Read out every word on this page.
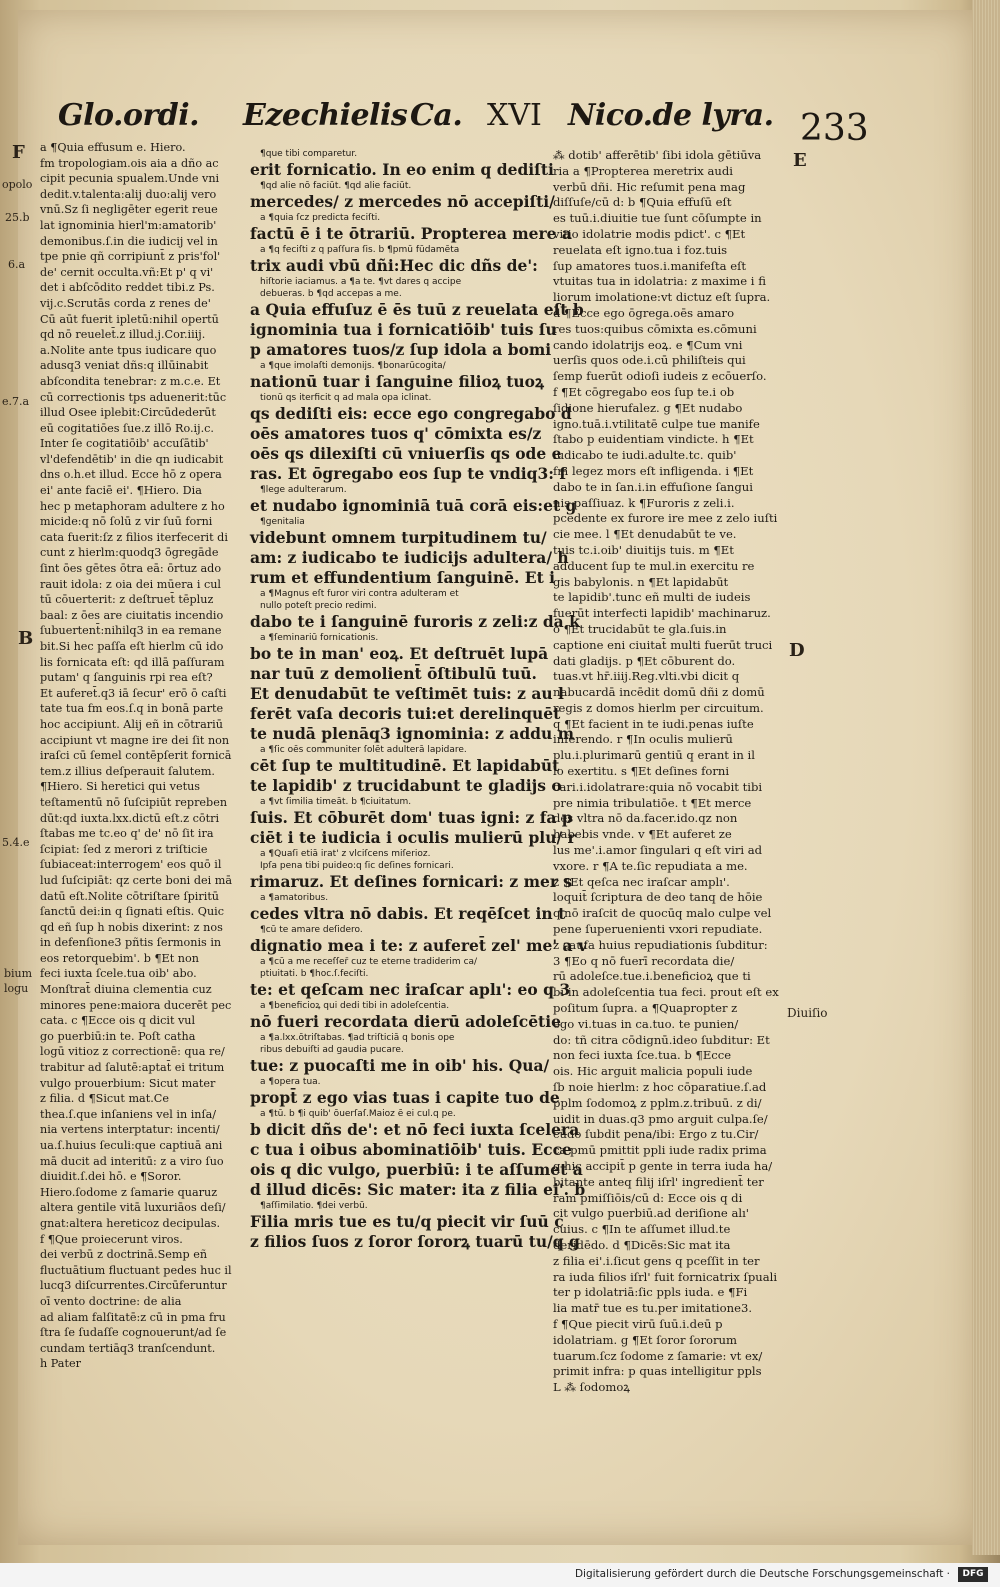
Glo.ordi. Ezechielis Ca. XVI Nico.de lyra. 233
F
opolo
25.b
6.a
e.7.a
B
5.4.e
bium
logu
E
D
Diuiſio

a ¶Quia effusum e. Hiero.

fm tropologiam.ois aia a dño ac

cipit pecunia spualem.Unde vni

dedit.v.talenta:alij duo:alij vero

vnū.Sz ſi negligēter egerit reue

lat ignominia hierl'm:amatorib'

demonibus.ſ.in die iudicij vel in

tpe pnie qñ corripiunt̄ z pris'fol'

de' cernit occulta.vñ:Et p' q vi'

det i abſcōdito reddet tibi.z Ps.

vij.c.Scrutās corda z renes de'

Cū aūt fuerit ipletū:nihil opertū

qd nō reuelet̄.z illud.j.Cor.iiij.

a.Nolite ante tpus iudicare quo

adusq3 veniat dñs:q illūinabit

abſcondita tenebrar: z m.c.e. Et

cū correctionis tps aduenerit:tūc

illud Osee iplebit:Circūdederūt

eū cogitatiōes ſue.z illō Ro.ij.c.

Inter ſe cogitatiōib' accuſātib'

vl'defendētib' in die qn iudicabit

dns o.h.et illud. Ecce hō z opera

ei' ante faciē ei'. ¶Hiero. Dia

hec p metaphoram adultere z ho

micide:q nō ſolū z vir ſuū forni

cata fuerit:ſz z filios iterfecerit di

cunt z hierlm:quodq3 ōgregāde

ſint ōes gētes ōtra eā: ōrtuz ado

rauit idola: z oia dei mūera i cul

tū cōuerterit: z deſtruet̄ tēpluz

baal: z ōes are ciuitatis incendio

ſubuertent̄:nihilq3 in ea remane

bit.Si hec paſſa eſt hierlm cū ido

lis fornicata eſt: qd illā paſſuram

putam' q ſanguinis rpi rea eſt?

Et auferet̄.q3 iā ſecur' erō ō caſti

tate tua fm eos.ſ.q in bonā parte

hoc accipiunt. Alij eñ in cōtrariū

accipiunt vt magne ire dei ſit non

iraſci cū ſemel contēpſerit fornicā

tem.z illius deſperauit ſalutem.

¶Hiero. Si heretici qui vetus

teſtamentū nō ſuſcipiūt repreben

dūt:qd iuxta.lxx.dictū eſt.z cōtri

ſtabas me tc.eo q' de' nō ſit ira

ſcipiat: ſed z merori z triſticie

ſubiaceat:interrogem' eos quō il

lud ſuſcipiāt: qz certe boni dei mā

datū eſt.Nolite cōtriſtare ſpiritū

ſanctū dei:in q ſignati eſtis. Quic

qd eñ ſup h nobis dixerint: z nos

in defenſione3 pñtis ſermonis in

eos retorquebim'. b ¶Et non

feci iuxta ſcele.tua oib' abo.

Monſtrat̄ diuina clementia cuz

minores pene:maiora ducerēt pec

cata. c ¶Ecce ois q dicit vul

go puerbiū:in te. Poſt catha

logū vitioz z correctionē: qua re/

trabitur ad ſalutē:aptat̄ ei tritum

vulgo prouerbium: Sicut mater

z filia. d ¶Sicut mat.Ce

thea.ſ.que inſaniens vel in inſa/

nia vertens interptatur: incenti/

ua.ſ.huius ſeculi:que captiuā ani

mā ducit ad interitū: z a viro ſuo

diuidit.ſ.dei hō. e ¶Soror.

Hiero.ſodome z ſamarie quaruz

altera gentile vitā luxuriāos deſi/

gnat:altera hereticoz decipulas.

f ¶Que proiecerunt viros.

dei verbū z doctrinā.Semp eñ

fluctuātium fluctuant pedes huc il

lucq3 diſcurrentes.Circūferuntur

oī vento doctrine: de alia

ad aliam falſitatē:z cū in pma fru

ſtra ſe ſudaſſe cognouerunt/ad ſe

cundam tertiāq3 tranſcendunt.

h Pater

¶que tibi comparetur.

erit fornicatio. In eo enim q dediſti

¶qd alie nō faciūt. ¶qd alie faciūt.

mercedes/ z mercedes nō accepiſti/

a ¶quia ſcz predicta feciſti.

factū ē i te ōtrariū. Propterea mere a

a ¶q feciſti z q paſſura ſis. b ¶pmū fūdamēta

trix audi vbū dñi:Hec dic dñs de':

hiſtorie iaciamus. a ¶a te. ¶vt dares q accipe

debueras. b ¶qd accepas a me.

a Quia effuſuz ē ēs tuū z reuelata eſt b

ignominia tua i fornicatiōib' tuis ſu

p amatores tuos/z ſup idola a bomi

a ¶que imolaſti demonijs. ¶bonarūcogita/

nationū tuar i ſanguine filioꝝ tuoꝝ

tionū qs iterficit q ad mala opa iclinat.

qs dediſti eis: ecce ego congregabo d

oēs amatores tuos q' cōmixta es/z

oēs qs dilexiſti cū vniuerſis qs ode e

ras. Et ōgregabo eos ſup te vndiq3: f

¶lege adulterarum.

et nudabo ignominiā tuā corā eis:et g

¶genitalia

videbunt omnem turpitudinem tu/

am: z iudicabo te iudicijs adultera/ h

rum et effundentium ſanguinē. Et i

a ¶Magnus eſt furor viri contra adulteram et

nullo poteſt precio redimi.

dabo te i ſanguinē furoris z zeli:z da k

a ¶ſeminariū fornicationis.

bo te in man' eoꝝ. Et deſtruēt lupā

nar tuū z demolient̄ ōſtibulū tuū.

Et denudabūt te veſtimēt tuis: z au l

ferēt vaſa decoris tui:et derelinquēt

te nudā plenāq3 ignominia: z addu m

a ¶ſic oēs communiter ſolēt adulterā lapidare.

cēt ſup te multitudinē. Et lapidabūt

te lapidib' z trucidabunt te gladijs o

a ¶vt ſimilia timeāt. b ¶ciuitatum.

ſuis. Et cōburēt dom' tuas igni: z fa p

ciēt i te iudicia i oculis mulierū plu/ r

a ¶Quaſi etiā irat' z vlciſcens miſerioz.

Ipſa pena tibi puideo:q ſic deſines fornicari.

rimaruz. Et deſines fornicari: z mer s

a ¶amatoribus.

cedes vltra nō dabis. Et reqēſcet in t

¶cū te amare deſidero.

dignatio mea i te: z auferet̄ zel' me' a v

a ¶cū a me receſſer̄ cuz te eterne tradiderim ca/

ptiuitati. b ¶hoc.ſ.feciſti.

te: et qeſcam nec iraſcar aplı': eo q 3

a ¶beneficioꝝ qui dedi tibi in adoleſcentia.

nō fueri recordata dierū adoleſcētie

a ¶a.lxx.ōtriſtabas. ¶ad triſticiā q bonis ope

ribus debuiſti ad gaudia pucare.

tue: z puocaſti me in oib' his. Qua/

a ¶opera tua.

propt̄ z ego vias tuas i capite tuo de

a ¶tū. b ¶i quib' ōuerſaſ.Maioz ē ei cul.q pe.

b dicit dñs de': et nō feci iuxta ſcelera

c tua i oibus abominatiōib' tuis. Ecce

ois q dic vulgo, puerbiū: i te aſſumet a

d illud dicēs: Sic mater: ita z filia ei'. b

¶aſſimilatio. ¶dei verbū.

Filia mris tue es tu/q piecit vir ſuū c

z filios ſuos z ſoror ſororꝝ tuarū tu/q g

⁂ dotib' afferētib' ſibi idola gētiūva

ria a ¶Propterea meretrix audi

verbū dñi. Hic reſumit pena mag

diſſuſe/cū d: b ¶Quia effuſū eſt

es tuū.i.diuitie tue ſunt cōſumpte in

vitio idolatrie modis pdict'. c ¶Et

reuelata eſt igno.tua i foz.tuis

ſup amatores tuos.i.manifeſta eſt

vtuitas tua in idolatria: z maxime i fi

liorum imolatione:vt dictuz eſt ſupra.

d ¶Ecce ego ōgrega.oēs amaro

res tuos:quibus cōmixta es.cōmuni

cando idolatrijs eoꝝ. e ¶Cum vni

uerſis quos ode.i.cū philiſteis qui

ſemp fuerūt odioſi iudeis z ecōuerſo.

f ¶Et cōgregabo eos ſup te.i ob

ſidione hierufalez. g ¶Et nudabo

igno.tuā.i.vtilitatē culpe tue manife

ſtabo p euidentiam vindicte. h ¶Et

iudicabo te iudi.adulte.tc. quib'

fm legez mors eſt infligenda. i ¶Et

dabo te in ſan.i.in effuſione ſangui

nis paſſiuaz. k ¶Furoris z zeli.i.

pcedente ex furore ire mee z zelo iuſti

cie mee. l ¶Et denudabūt te ve.

tuis tc.i.oib' diuitijs tuis. m ¶Et

adducent ſup te mul.in exercitu re

gis babylonis. n ¶Et lapidabūt

te lapidib'.tunc eñ multi de iudeis

fuerūt interfecti lapidib' machinaruz.

o ¶Et trucidabūt te gla.ſuis.in

captione eni ciuitat̄ multi fuerūt truci

dati gladijs. p ¶Et cōburent do.

tuas.vt hr̄.iiij.Reg.vlti.vbi dicit q

nabucardā incēdit domū dñi z domū

regis z domos hierlm per circuitum.

q ¶Et facient in te iudi.penas iuſte

inferendo. r ¶In oculis mulierū

plu.i.plurimarū gentiū q erant in il

lo exertitu. s ¶Et deſines forni

cari.i.idolatrare:quia nō vocabit tibi

pre nimia tribulatiōe. t ¶Et merce

des vltra nō da.facer.ido.qz non

habebis vnde. v ¶Et auferet ze

lus me'.i.amor ſingulari q eſt viri ad

vxore. r ¶A te.ſic repudiata a me.

z ¶Et qeſca nec iraſcar amplı'.

loquit̄ ſcriptura de deo tanq de hōie

q nō iraſcit de quocūq malo culpe vel

pene ſuperuenienti vxori repudiate.

z cauſa huius repudiationis ſubditur:

3 ¶Eo q nō fuerī recordata die/

rū adoleſce.tue.i.beneficioꝝ que ti

bi in adoleſcentia tua feci. prout eſt ex

poſitum ſupra. a ¶Quapropter z

ego vi.tuas in ca.tuo. te punien/

do: tñ citra cōdignū.ideo ſubditur: Et

non feci iuxta ſce.tua. b ¶Ecce

ois. Hic arguit malicia populi iude

ſb noie hierlm: z hoc cōparatiue.ſ.ad

pplm ſodomoꝝ z pplm.z.tribuū. z di/

uidit in duas.q3 pmo arguit culpa.ſe/

cūdo ſubdit pena/ibi: Ergo z tu.Cir/

ca pmū pmittit ppli iude radix prima

q hic accipit̄ p gente in terra iuda ha/

bitante anteq filij iſrl' ingredient̄ ter

ram pmiſſiōis/cū d: Ecce ois q di

cit vulgo puerbiū.ad deriſione alı'

cuius. c ¶In te aſſumet illud.te

deridēdo. d ¶Dicēs:Sic mat ita

z filia ei'.i.ſicut gens q pceſſit in ter

ra iuda filios iſrl' fuit fornicatrix ſpuali

ter p idolatriā:ſic ppls iuda. e ¶Fi

lia matr̄ tue es tu.per imitatione3.

f ¶Que piecit virū ſuū.i.deū p

idolatriam. g ¶Et ſoror ſororum

tuarum.ſcz ſodome z ſamarie: vt ex/

primit infra: p quas intelligitur ppls

L ⁂ ſodomoꝝ

Digitalisierung gefördert durch die Deutsche Forschungsgemeinschaft ·	DFG
